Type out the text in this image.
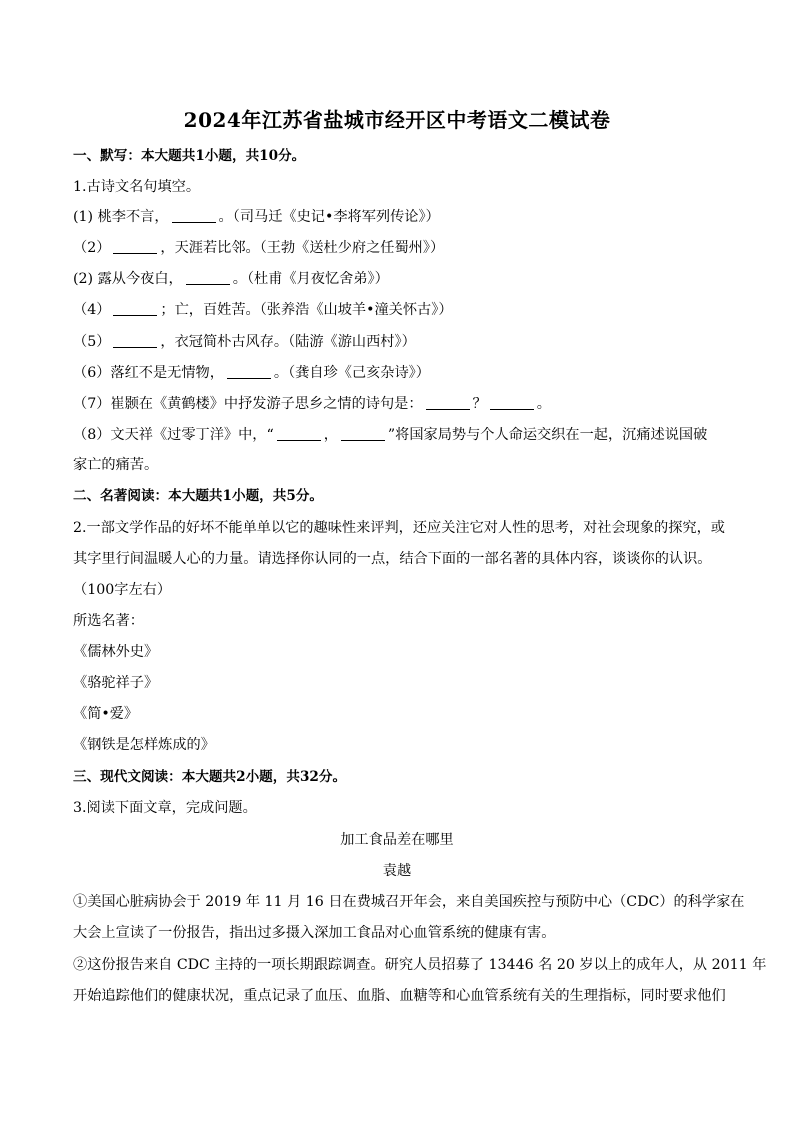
2024年江苏省盐城市经开区中考语文二模试卷
一、默写：本大题共1小题，共10分。
1.古诗文名句填空。
(1) 桃李不言，	。（司马迁《史记•李将军列传论》）
（2）	，天涯若比邻。（王勃《送杜少府之任蜀州》）
(2) 露从今夜白，	。（杜甫《月夜忆舍弟》）
（4）	；亡，百姓苦。（张养浩《山坡羊•潼关怀古》）
（5）	，衣冠简朴古风存。（陆游《游山西村》）
（6）落红不是无情物，	。（龚自珍《己亥杂诗》）
（7）崔颢在《黄鹤楼》中抒发游子思乡之情的诗句是：	？	。
（8）文天祥《过零丁洋》中，“	，	”将国家局势与个人命运交织在一起，沉痛述说国破
家亡的痛苦。
二、名著阅读：本大题共1小题，共5分。
2.一部文学作品的好坏不能单单以它的趣味性来评判，还应关注它对人性的思考，对社会现象的探究，或
其字里行间温暖人心的力量。请选择你认同的一点，结合下面的一部名著的具体内容，谈谈你的认识。
（100字左右）
所选名著：
《儒林外史》
《骆驼祥子》
《简•爱》
《钢铁是怎样炼成的》
三、现代文阅读：本大题共2小题，共32分。
3.阅读下面文章，完成问题。
加工食品差在哪里
袁越
①美国心脏病协会于 2019 年 11 月 16 日在费城召开年会，来自美国疾控与预防中心（CDC）的科学家在
大会上宣读了一份报告，指出过多摄入深加工食品对心血管系统的健康有害。
②这份报告来自 CDC 主持的一项长期跟踪调查。研究人员招募了 13446 名 20 岁以上的成年人，从 2011 年
开始追踪他们的健康状况，重点记录了血压、血脂、血糖等和心血管系统有关的生理指标，同时要求他们
